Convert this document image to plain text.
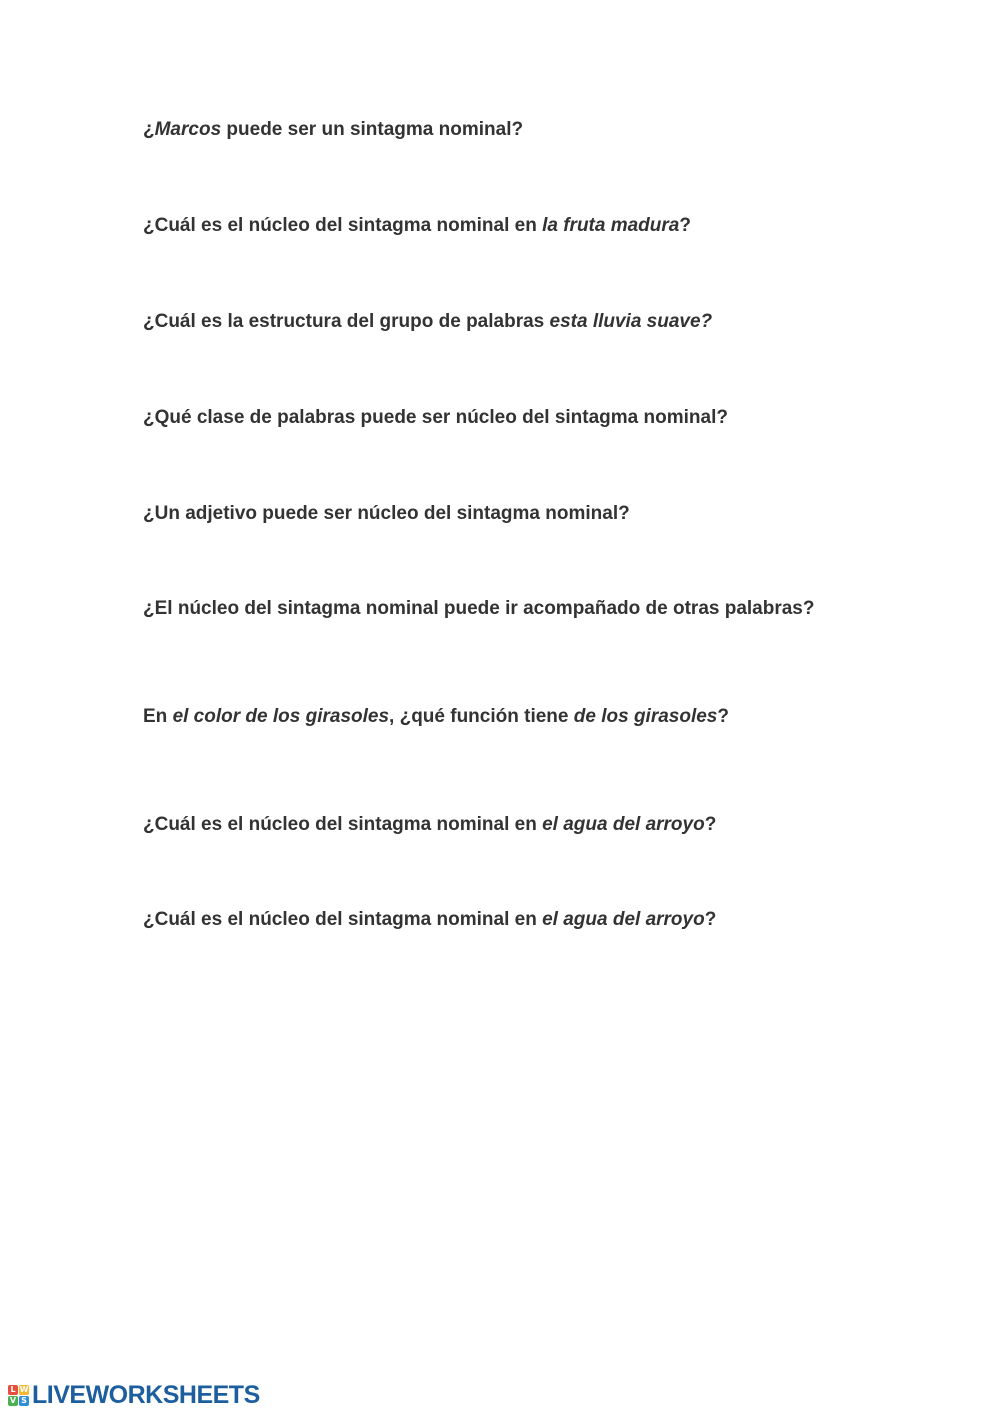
¿Marcos puede ser un sintagma nominal?

¿Cuál es el núcleo del sintagma nominal en la fruta madura?

¿Cuál es la estructura del grupo de palabras esta lluvia suave?

¿Qué clase de palabras puede ser núcleo del sintagma nominal?

¿Un adjetivo puede ser núcleo del sintagma nominal?

¿El núcleo del sintagma nominal puede ir acompañado de otras palabras?

En el color de los girasoles, ¿qué función tiene de los girasoles?

¿Cuál es el núcleo del sintagma nominal en el agua del arroyo?

¿Cuál es el núcleo del sintagma nominal en el agua del arroyo?

L W
V S LIVEWORKSHEETS
